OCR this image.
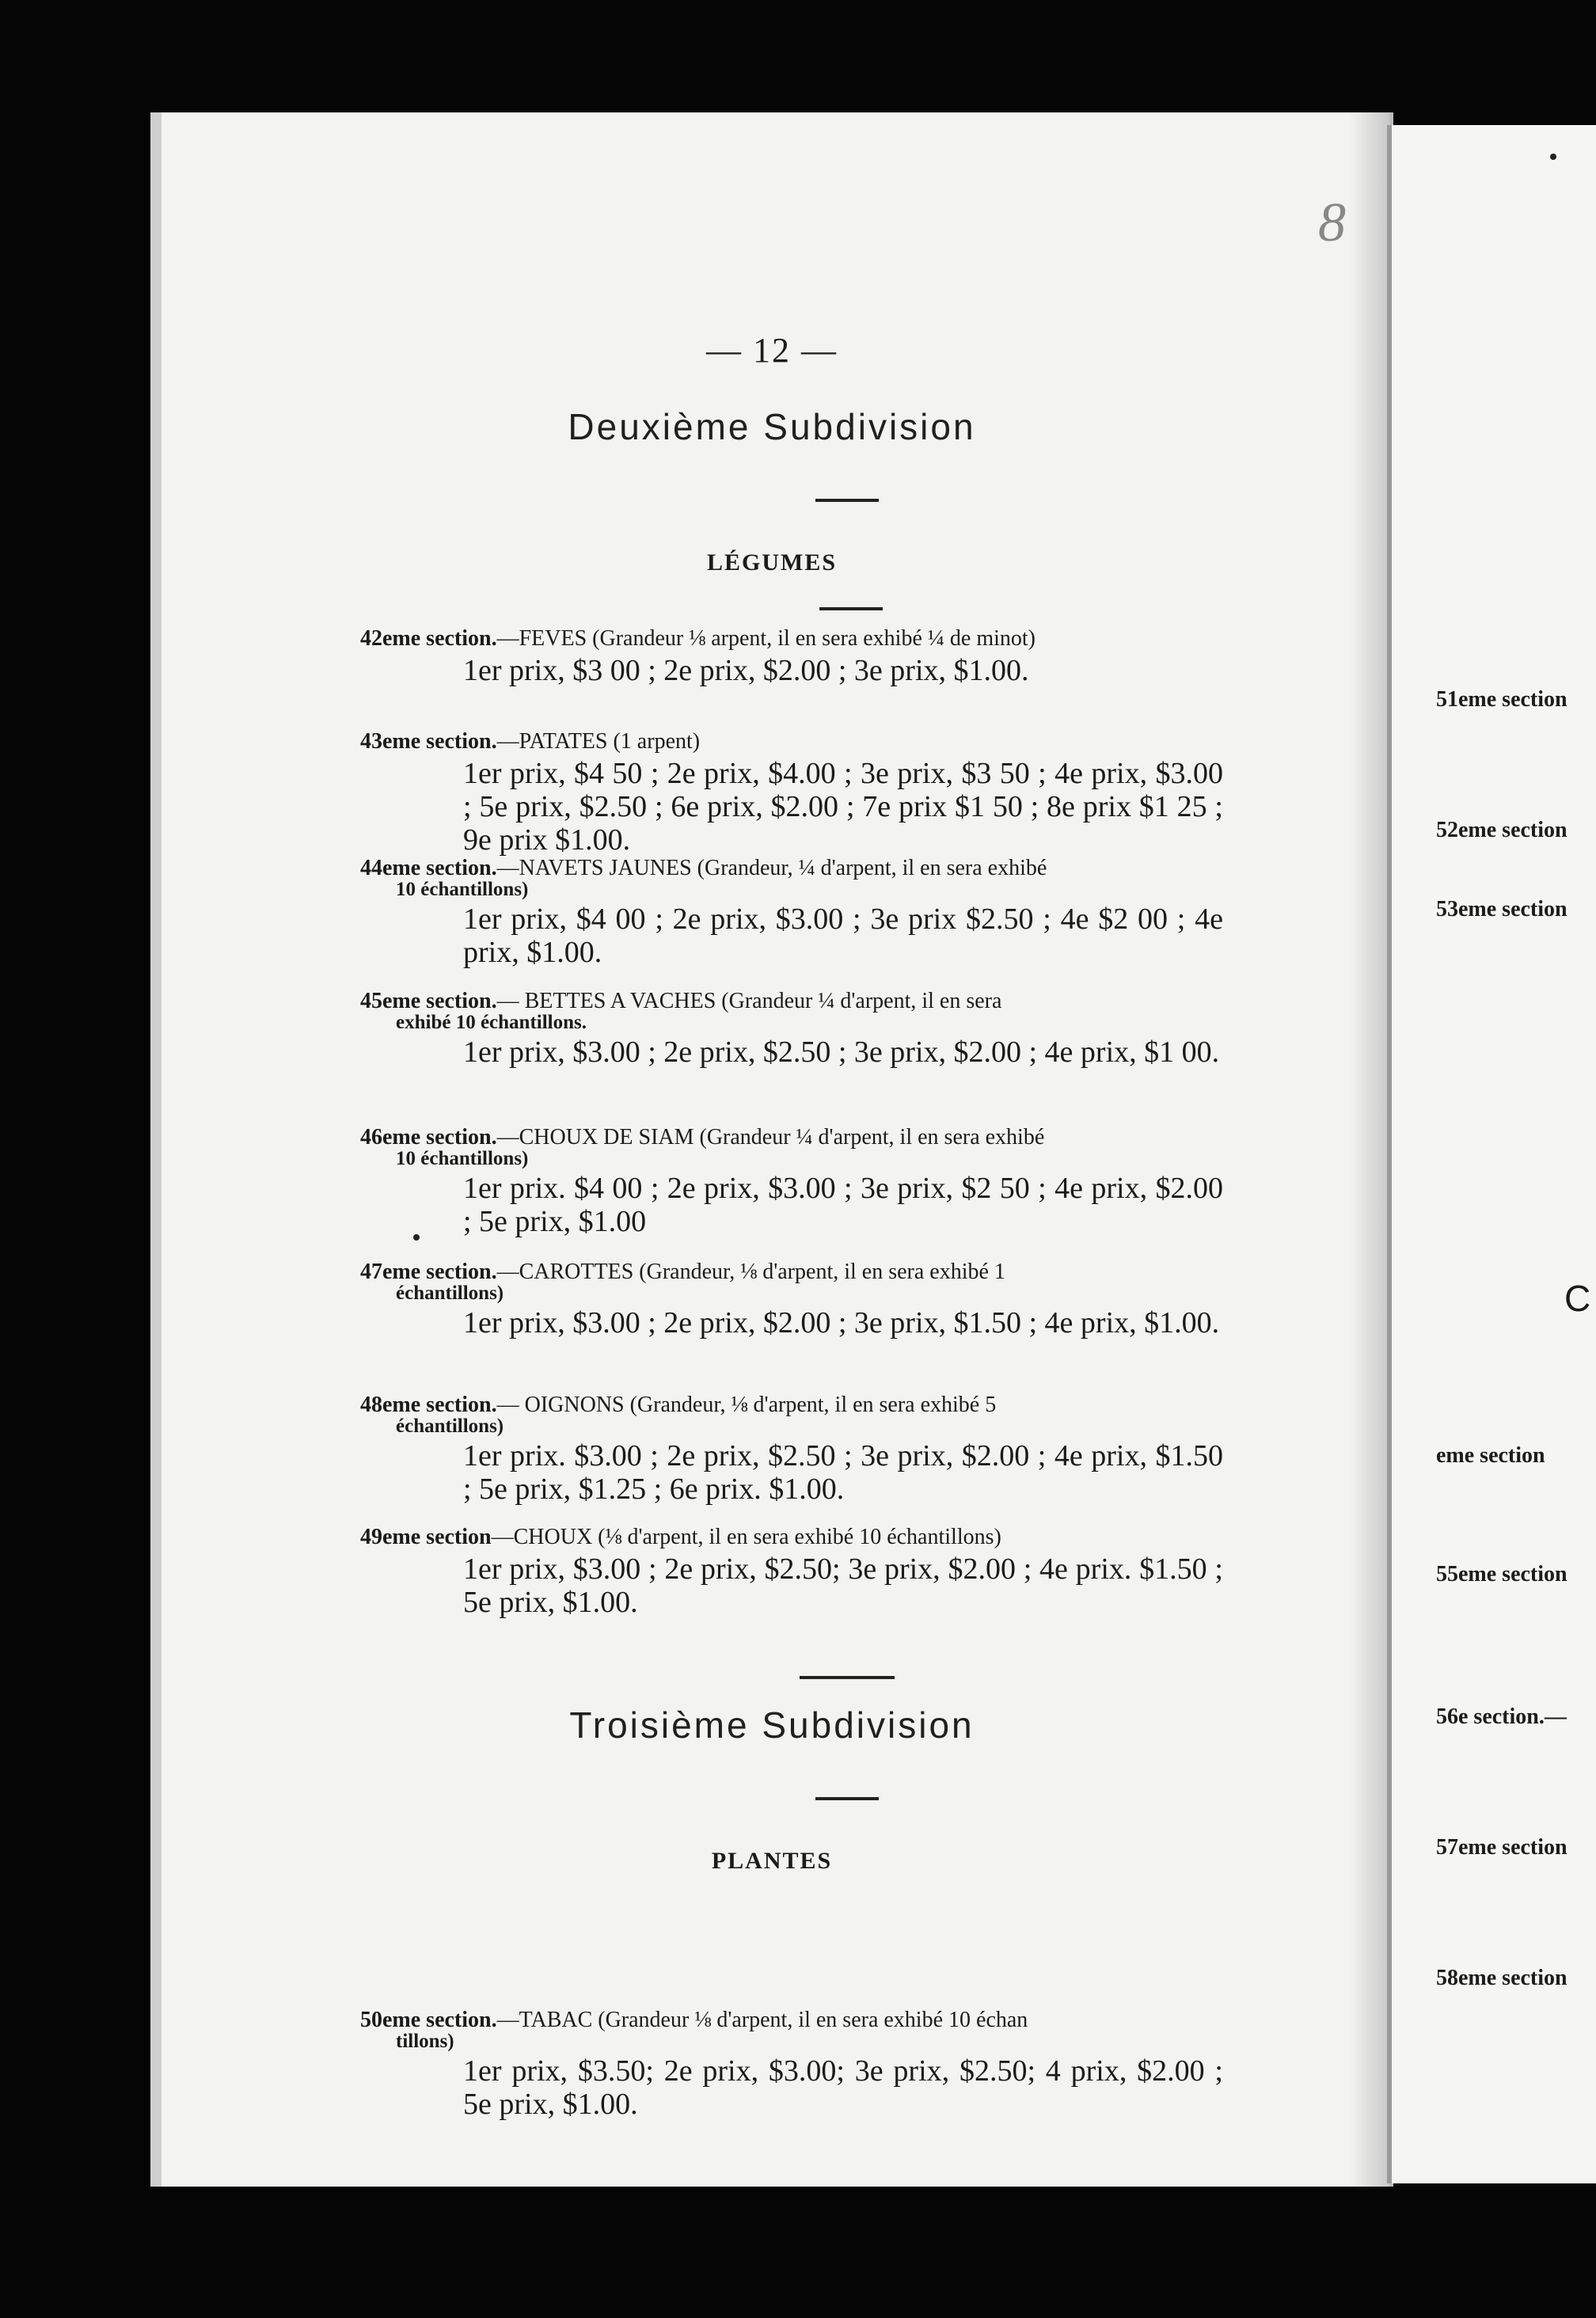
8
— 12 —
Deuxième Subdivision
LÉGUMES
42eme section.—FEVES (Grandeur ⅛ arpent, il en sera exhibé ¼ de minot)
1er prix, $3 00 ; 2e prix, $2.00 ; 3e prix, $1.00.
43eme section.—PATATES (1 arpent)
1er prix, $4 50 ; 2e prix, $4.00 ; 3e prix, $3 50 ; 4e prix, $3.00 ; 5e prix, $2.50 ; 6e prix, $2.00 ; 7e prix $1 50 ; 8e prix $1 25 ; 9e prix $1.00.
44eme section.—NAVETS JAUNES (Grandeur, ¼ d'arpent, il en sera exhibé
10 échantillons)
1er prix, $4 00 ; 2e prix, $3.00 ; 3e prix $2.50 ; 4e $2 00 ; 4e prix, $1.00.
45eme section.— BETTES A VACHES (Grandeur ¼ d'arpent, il en sera
exhibé 10 échantillons.
1er prix, $3.00 ; 2e prix, $2.50 ; 3e prix, $2.00 ; 4e prix, $1 00.
46eme section.—CHOUX DE SIAM (Grandeur ¼ d'arpent, il en sera exhibé
10 échantillons)
1er prix. $4 00 ; 2e prix, $3.00 ; 3e prix, $2 50 ; 4e prix, $2.00 ; 5e prix, $1.00
47eme section.—CAROTTES (Grandeur, ⅛ d'arpent, il en sera exhibé 1
échantillons)
1er prix, $3.00 ; 2e prix, $2.00 ; 3e prix, $1.50 ; 4e prix, $1.00.
48eme section.— OIGNONS (Grandeur, ⅛ d'arpent, il en sera exhibé 5
échantillons)
1er prix. $3.00 ; 2e prix, $2.50 ; 3e prix, $2.00 ; 4e prix, $1.50 ; 5e prix, $1.25 ; 6e prix. $1.00.
49eme section—CHOUX (⅛ d'arpent, il en sera exhibé 10 échantillons)
1er prix, $3.00 ; 2e prix, $2.50; 3e prix, $2.00 ; 4e prix. $1.50 ; 5e prix, $1.00.
Troisième Subdivision
PLANTES
50eme section.—TABAC (Grandeur ⅛ d'arpent, il en sera exhibé 10 échan
tillons)
1er prix, $3.50; 2e prix, $3.00; 3e prix, $2.50; 4 prix, $2.00 ; 5e prix, $1.00.
51eme section
52eme section
53eme section
eme section
55eme section
56e section.—
57eme section
58eme section
C
